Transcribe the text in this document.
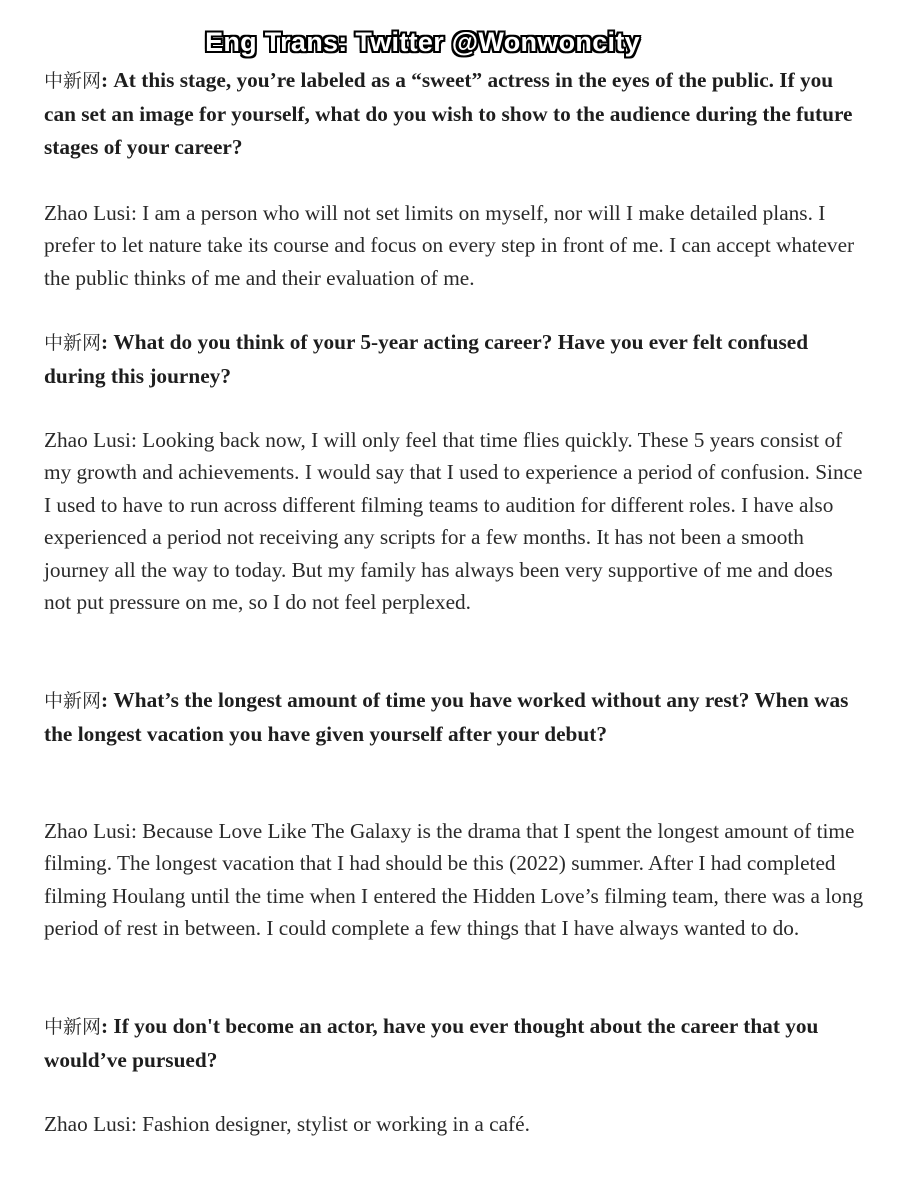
Eng Trans: Twitter @Wonwoncity

中新网: At this stage, you’re labeled as a “sweet” actress in the eyes of the public. If you can set an image for yourself, what do you wish to show to the audience during the future stages of your career?

Zhao Lusi: I am a person who will not set limits on myself, nor will I make detailed plans. I prefer to let nature take its course and focus on every step in front of me. I can accept whatever the public thinks of me and their evaluation of me.

中新网: What do you think of your 5-year acting career? Have you ever felt confused during this journey?

Zhao Lusi: Looking back now, I will only feel that time flies quickly. These 5 years consist of my growth and achievements. I would say that I used to experience a period of confusion. Since I used to have to run across different filming teams to audition for different roles. I have also experienced a period not receiving any scripts for a few months. It has not been a smooth journey all the way to today. But my family has always been very supportive of me and does not put pressure on me, so I do not feel perplexed.

中新网: What’s the longest amount of time you have worked without any rest? When was the longest vacation you have given yourself after your debut?

Zhao Lusi: Because Love Like The Galaxy is the drama that I spent the longest amount of time filming. The longest vacation that I had should be this (2022) summer. After I had completed filming Houlang until the time when I entered the Hidden Love’s filming team, there was a long period of rest in between. I could complete a few things that I have always wanted to do.

中新网: If you don't become an actor, have you ever thought about the career that you would’ve pursued?

Zhao Lusi: Fashion designer, stylist or working in a café.
